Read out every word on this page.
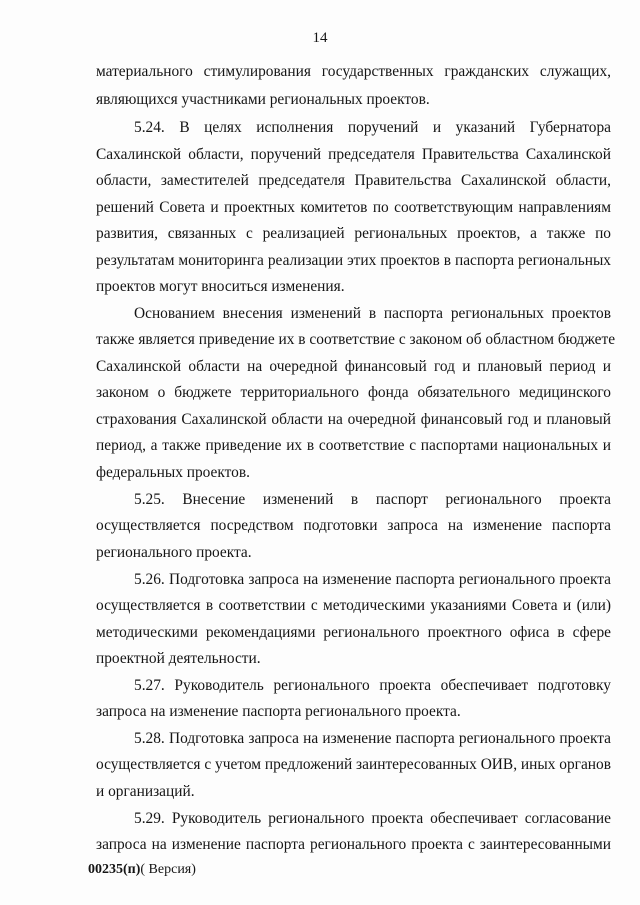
14
материального стимулирования государственных гражданских служащих,
являющихся участниками региональных проектов.
5.24. В целях исполнения поручений и указаний Губернатора
Сахалинской области, поручений председателя Правительства Сахалинской
области, заместителей председателя Правительства Сахалинской области,
решений Совета и проектных комитетов по соответствующим направлениям
развития, связанных с реализацией региональных проектов, а также по
результатам мониторинга реализации этих проектов в паспорта региональных
проектов могут вноситься изменения.
Основанием внесения изменений в паспорта региональных проектов
также является приведение их в соответствие с законом об областном бюджете
Сахалинской области на очередной финансовый год и плановый период и
законом о бюджете территориального фонда обязательного медицинского
страхования Сахалинской области на очередной финансовый год и плановый
период, а также приведение их в соответствие с паспортами национальных и
федеральных проектов.
5.25. Внесение изменений в паспорт регионального проекта
осуществляется посредством подготовки запроса на изменение паспорта
регионального проекта.
5.26. Подготовка запроса на изменение паспорта регионального проекта
осуществляется в соответствии с методическими указаниями Совета и (или)
методическими рекомендациями регионального проектного офиса в сфере
проектной деятельности.
5.27. Руководитель регионального проекта обеспечивает подготовку
запроса на изменение паспорта регионального проекта.
5.28. Подготовка запроса на изменение паспорта регионального проекта
осуществляется с учетом предложений заинтересованных ОИВ, иных органов
и организаций.
5.29. Руководитель регионального проекта обеспечивает согласование
запроса на изменение паспорта регионального проекта с заинтересованными
00235(п)( Версия)
